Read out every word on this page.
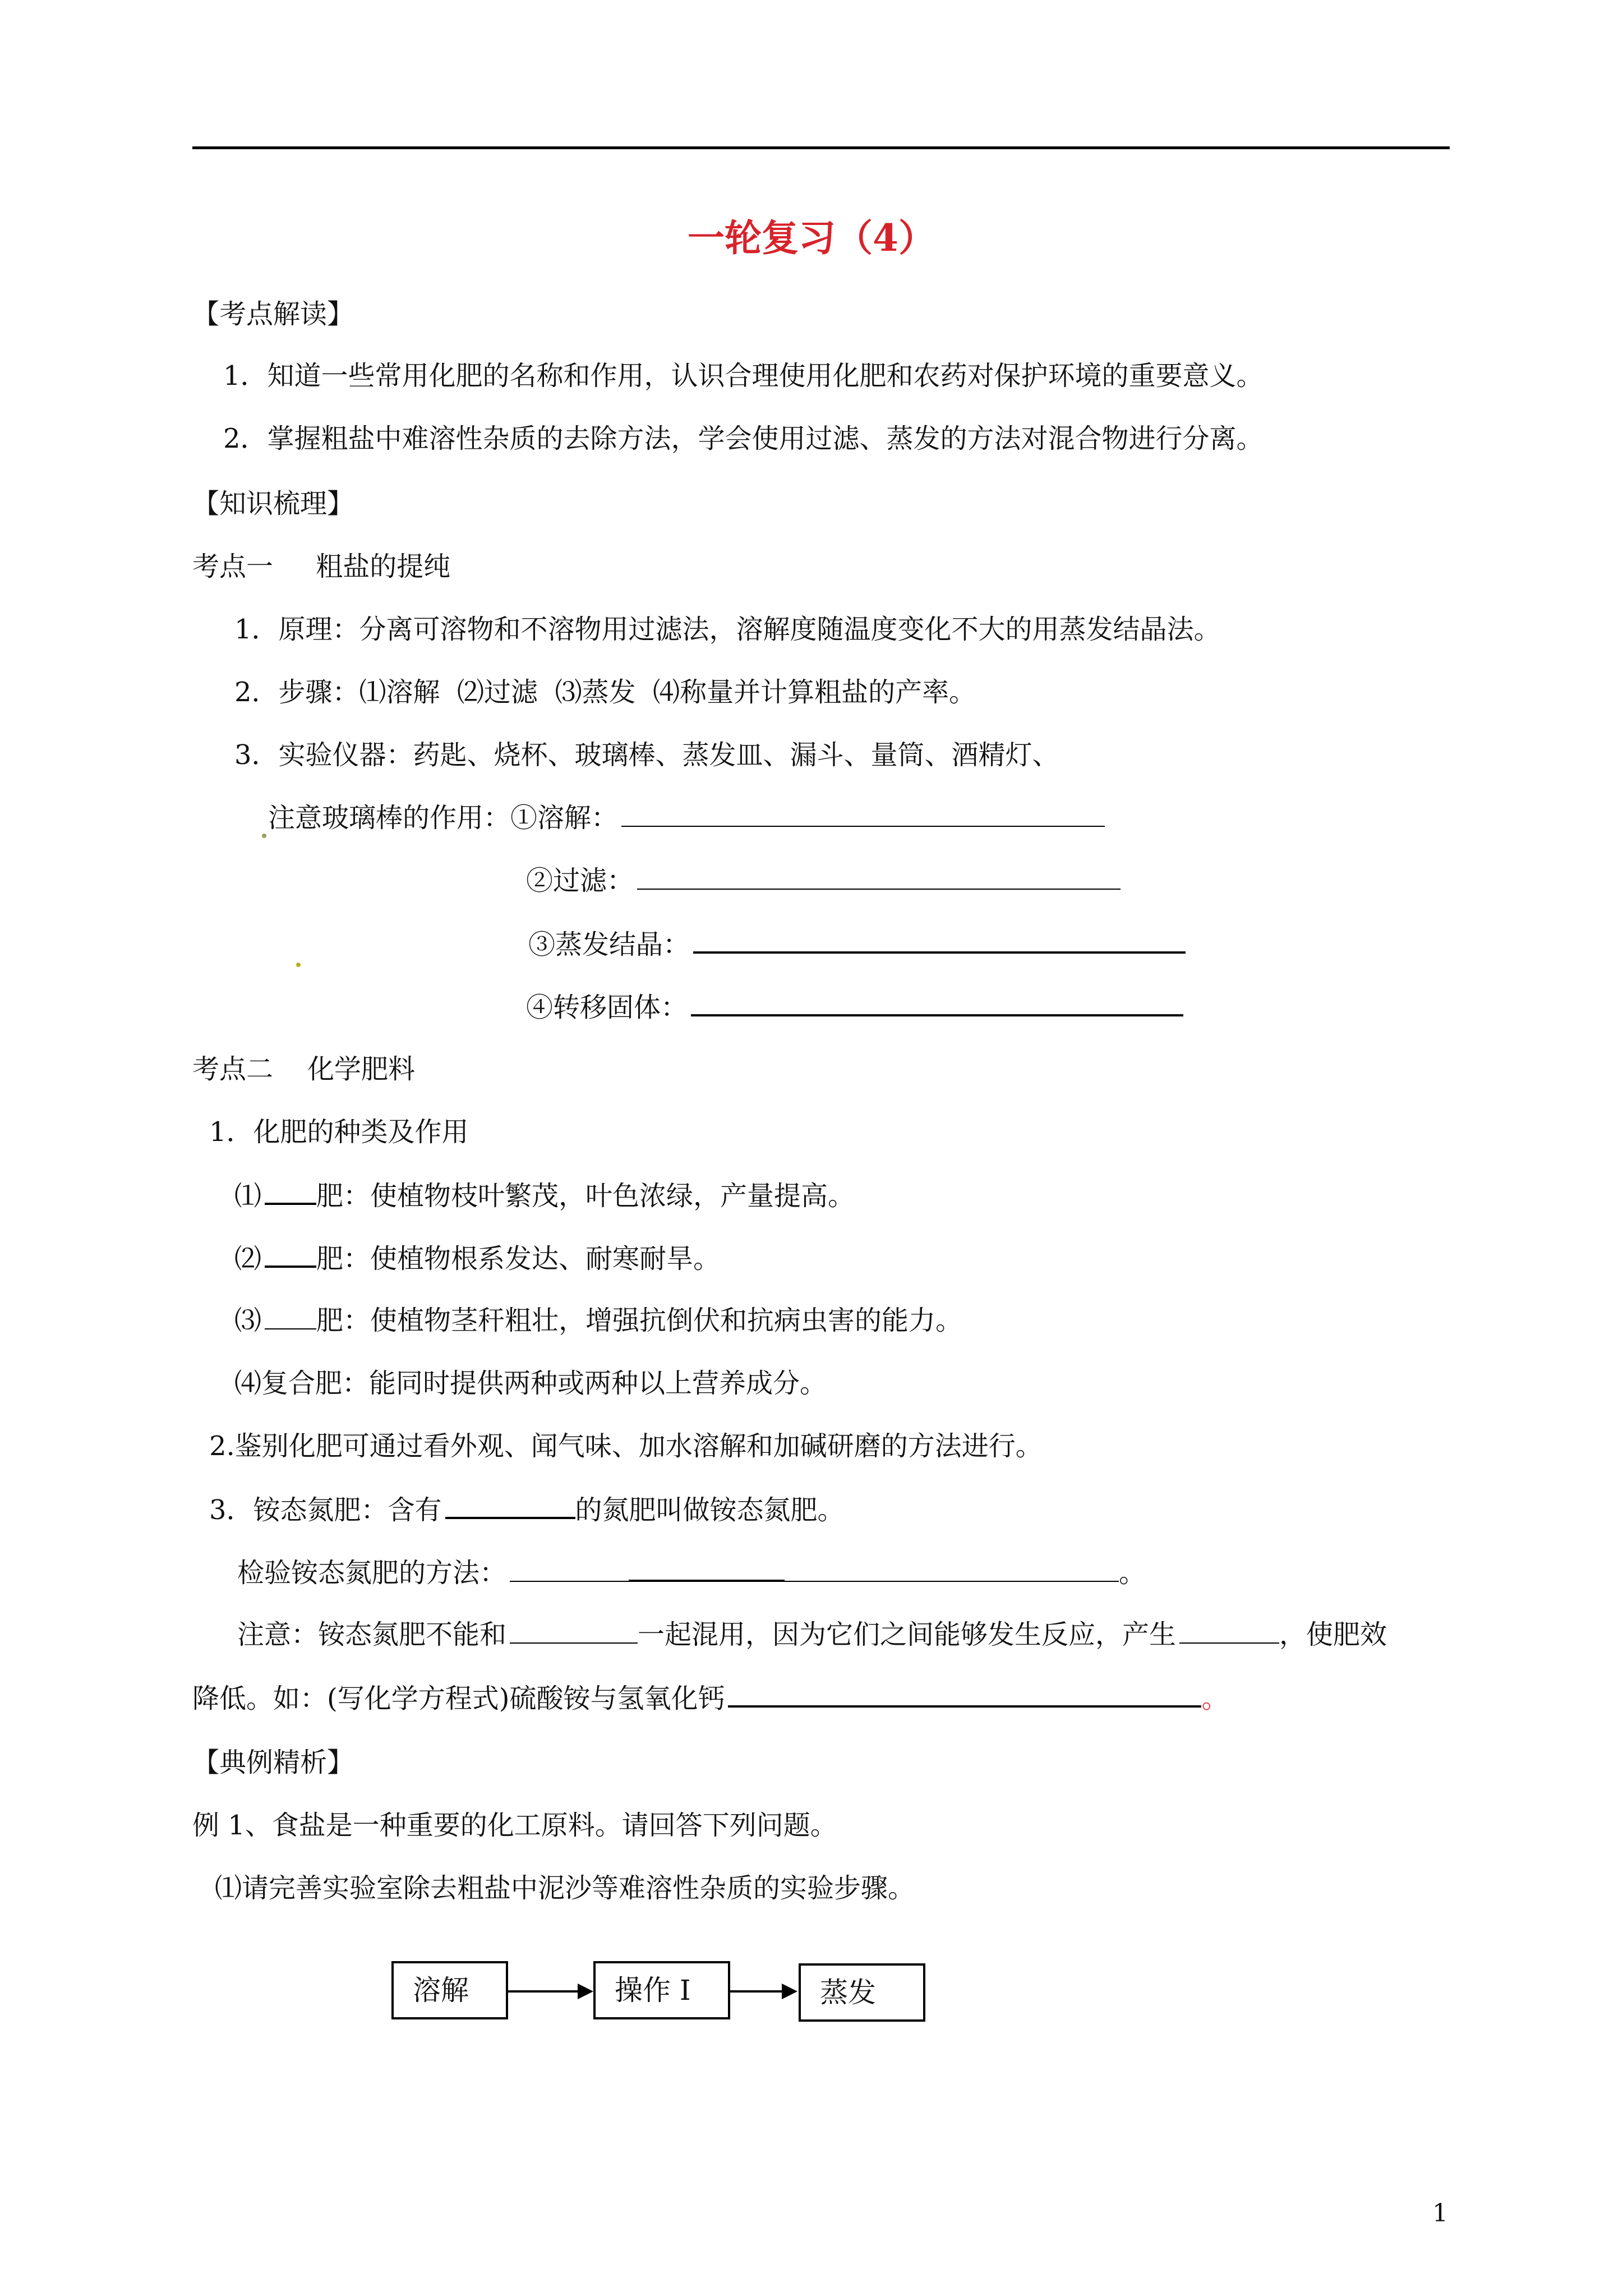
一轮复习（4）
【考点解读】
1．知道一些常用化肥的名称和作用，认识合理使用化肥和农药对保护环境的重要意义。
2．掌握粗盐中难溶性杂质的去除方法，学会使用过滤、蒸发的方法对混合物进行分离。
【知识梳理】
考点一     粗盐的提纯
1．原理：分离可溶物和不溶物用过滤法，溶解度随温度变化不大的用蒸发结晶法。
2．步骤：⑴溶解  ⑵过滤  ⑶蒸发  ⑷称量并计算粗盐的产率。
3．实验仪器：药匙、烧杯、玻璃棒、蒸发皿、漏斗、量筒、酒精灯、
注意玻璃棒的作用：①溶解：
②过滤：
③蒸发结晶：
④转移固体：
考点二    化学肥料
1．化肥的种类及作用
⑴ 肥：使植物枝叶繁茂，叶色浓绿，产量提高。
⑵ 肥：使植物根系发达、耐寒耐旱。
⑶ 肥：使植物茎秆粗壮，增强抗倒伏和抗病虫害的能力。
⑷复合肥：能同时提供两种或两种以上营养成分。
2.鉴别化肥可通过看外观、闻气味、加水溶解和加碱研磨的方法进行。
3．铵态氮肥：含有	的氮肥叫做铵态氮肥。
检验铵态氮肥的方法：	。
注意：铵态氮肥不能和	一起混用，因为它们之间能够发生反应，产生	，使肥效
降低。如：(写化学方程式)硫酸铵与氢氧化钙	。
【典例精析】
例 1、食盐是一种重要的化工原料。请回答下列问题。
⑴请完善实验室除去粗盐中泥沙等难溶性杂质的实验步骤。
溶解	操作 I	蒸发
1
